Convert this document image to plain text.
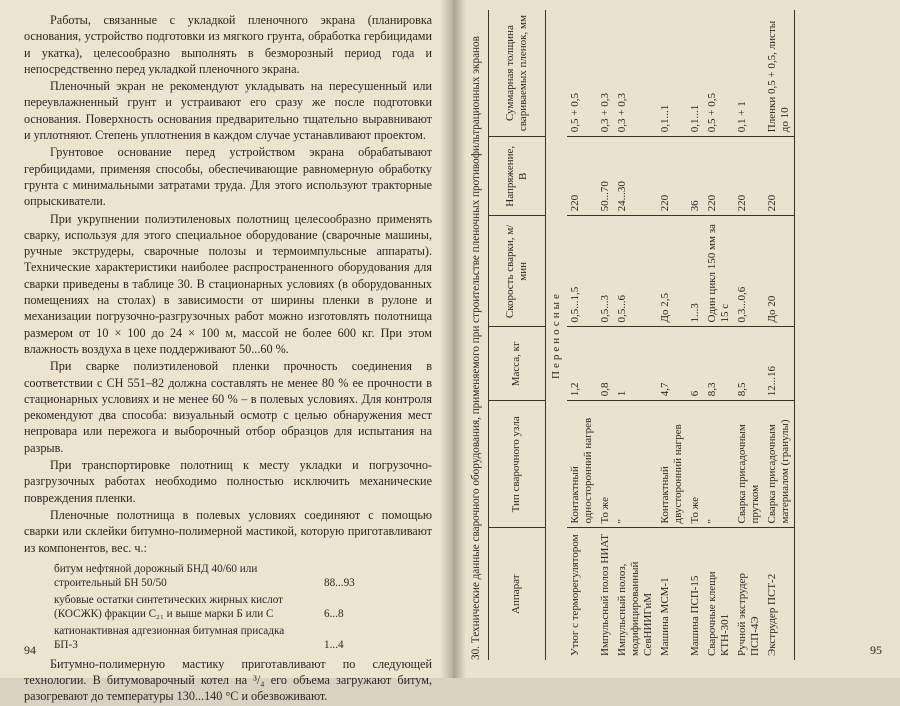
Работы, связанные с укладкой пленочного экрана (планировка основания, устройство подготовки из мягкого грунта, обработка гербицидами и укатка), целесообразно выполнять в безморозный период года и непосредственно перед укладкой пленочного экрана.

Пленочный экран не рекомендуют укладывать на пересушенный или переувлажненный грунт и устраивают его сразу же после подготовки основания. Поверхность основания предварительно тщательно выравнивают и уплотняют. Степень уплотнения в каждом случае устанавливают проектом.

Грунтовое основание перед устройством экрана обрабатывают гербицидами, применяя способы, обеспечивающие равномерную обработку грунта с минимальными затратами труда. Для этого используют тракторные опрыскиватели.

При укрупнении полиэтиленовых полотнищ целесообразно применять сварку, используя для этого специальное оборудование (сварочные машины, ручные экструдеры, сварочные полозы и термоимпульсные аппараты). Технические характеристики наиболее распространенного оборудования для сварки приведены в таблице 30. В стационарных условиях (в оборудованных помещениях на столах) в зависимости от ширины пленки в рулоне и механизации погрузочно-разгрузочных работ можно изготовлять полотнища размером от 10 × 100 до 24 × 100 м, массой не более 600 кг. При этом влажность воздуха в цехе поддерживают 50...60 %.

При сварке полиэтиленовой пленки прочность соединения в соответствии с СН 551–82 должна составлять не менее 80 % ее прочности в стационарных условиях и не менее 60 % – в полевых условиях. Для контроля рекомендуют два способа: визуальный осмотр с целью обнаружения мест непровара или пережога и выборочный отбор образцов для испытания на разрыв.

При транспортировке полотнищ к месту укладки и погрузочно-разгрузочных работах необходимо полностью исключить механические повреждения пленки.

Пленочные полотнища в полевых условиях соединяют с помощью сварки или склейки битумно-полимерной мастикой, которую приготавливают из компонентов, вес. ч.:

битум нефтяной дорожный БНД 40/60 или строительный БН 50/50	88...93
кубовые остатки синтетических жирных кислот (КОСЖК) фракции С₂₁ и выше марки Б или С	6...8
катионактивная адгезионная битумная присадка БП-3	1...4

Битумно-полимерную мастику приготавливают по следующей технологии. В битумоварочный котел на ³/₄ его объема загружают битум, разогревают до температуры 130...140 °С и обезвоживают.

94	30. Технические данные сварочного оборудования, применяемого при строительстве пленочных противофильтрационных экранов	Аппарат	Тип сварочного узла	Масса, кг	Скорость сварки, м/мин	Напряжение, В	Суммарная толщина свариваемых пленок, мм
Переносные					
Утюг с терморегулятором	Контактный односторонний нагрев	1,2	0,5...1,5	220	0,5 + 0,5
Импульсный полоз НИАТ	То же	0,8	0,5...3	50...70	0,3 + 0,3
Импульсный полоз, модифицированный СевНИИГиМ	"	1	0,5...6	24...30	0,3 + 0,3
Машина МСМ-1	Контактный двусторонний нагрев	4,7	До 2,5	220	0,1...1
Машина ПСП-15	То же	6	1...3	36	0,1...1
Сварочные клещи КТН-301	"	8,3	Один цикл 150 мм за 15 с	220	0,5 + 0,5
Ручной экструдер ПСП-4Э	Сварка присадочным прутком	8,5	0,3...0,6	220	0,1 + 1
Экструдер ПСТ-2	Сварка присадочным материалом (гранулы)	12...16	До 20	220	Пленки 0,5 + 0,5, листы до 10
95
